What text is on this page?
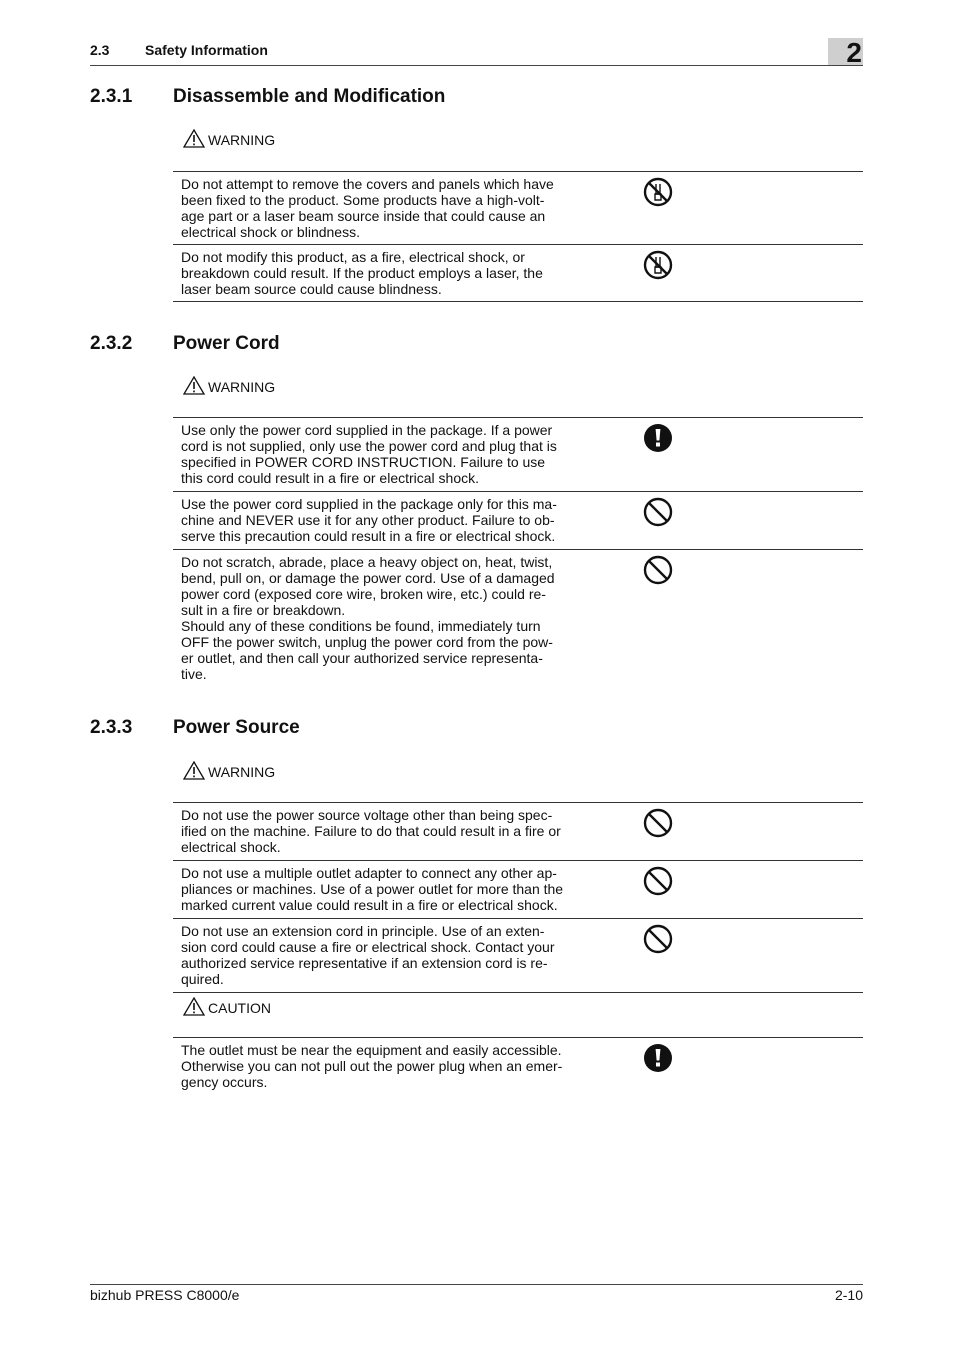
2.3	Safety Information	2
2.3.1 Disassemble and Modification
WARNING
Do not attempt to remove the covers and panels which have
been fixed to the product. Some products have a high-volt-
age part or a laser beam source inside that could cause an
electrical shock or blindness.
Do not modify this product, as a fire, electrical shock, or
breakdown could result. If the product employs a laser, the
laser beam source could cause blindness.
2.3.2 Power Cord
WARNING
Use only the power cord supplied in the package. If a power
cord is not supplied, only use the power cord and plug that is
specified in POWER CORD INSTRUCTION. Failure to use
this cord could result in a fire or electrical shock.
Use the power cord supplied in the package only for this ma-
chine and NEVER use it for any other product. Failure to ob-
serve this precaution could result in a fire or electrical shock.
Do not scratch, abrade, place a heavy object on, heat, twist,
bend, pull on, or damage the power cord. Use of a damaged
power cord (exposed core wire, broken wire, etc.) could re-
sult in a fire or breakdown.
Should any of these conditions be found, immediately turn
OFF the power switch, unplug the power cord from the pow-
er outlet, and then call your authorized service representa-
tive.
2.3.3 Power Source
WARNING
Do not use the power source voltage other than being spec-
ified on the machine. Failure to do that could result in a fire or
electrical shock.
Do not use a multiple outlet adapter to connect any other ap-
pliances or machines. Use of a power outlet for more than the
marked current value could result in a fire or electrical shock.
Do not use an extension cord in principle. Use of an exten-
sion cord could cause a fire or electrical shock. Contact your
authorized service representative if an extension cord is re-
quired.
CAUTION
The outlet must be near the equipment and easily accessible.
Otherwise you can not pull out the power plug when an emer-
gency occurs.
bizhub PRESS C8000/e	2-10
